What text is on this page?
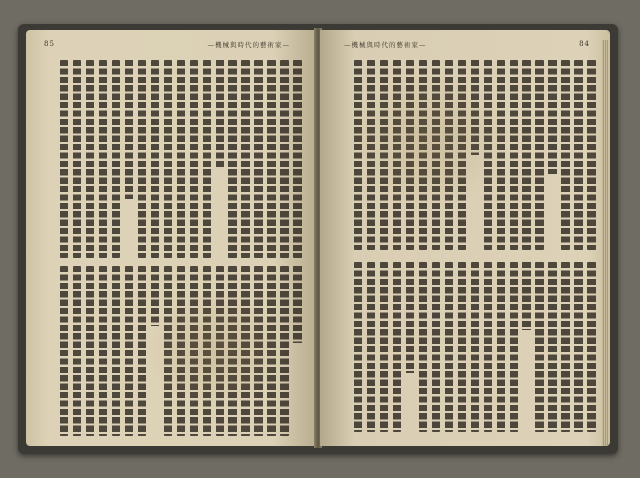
85	—機械與時代的藝術家—	84
—機械與時代的藝術家—
